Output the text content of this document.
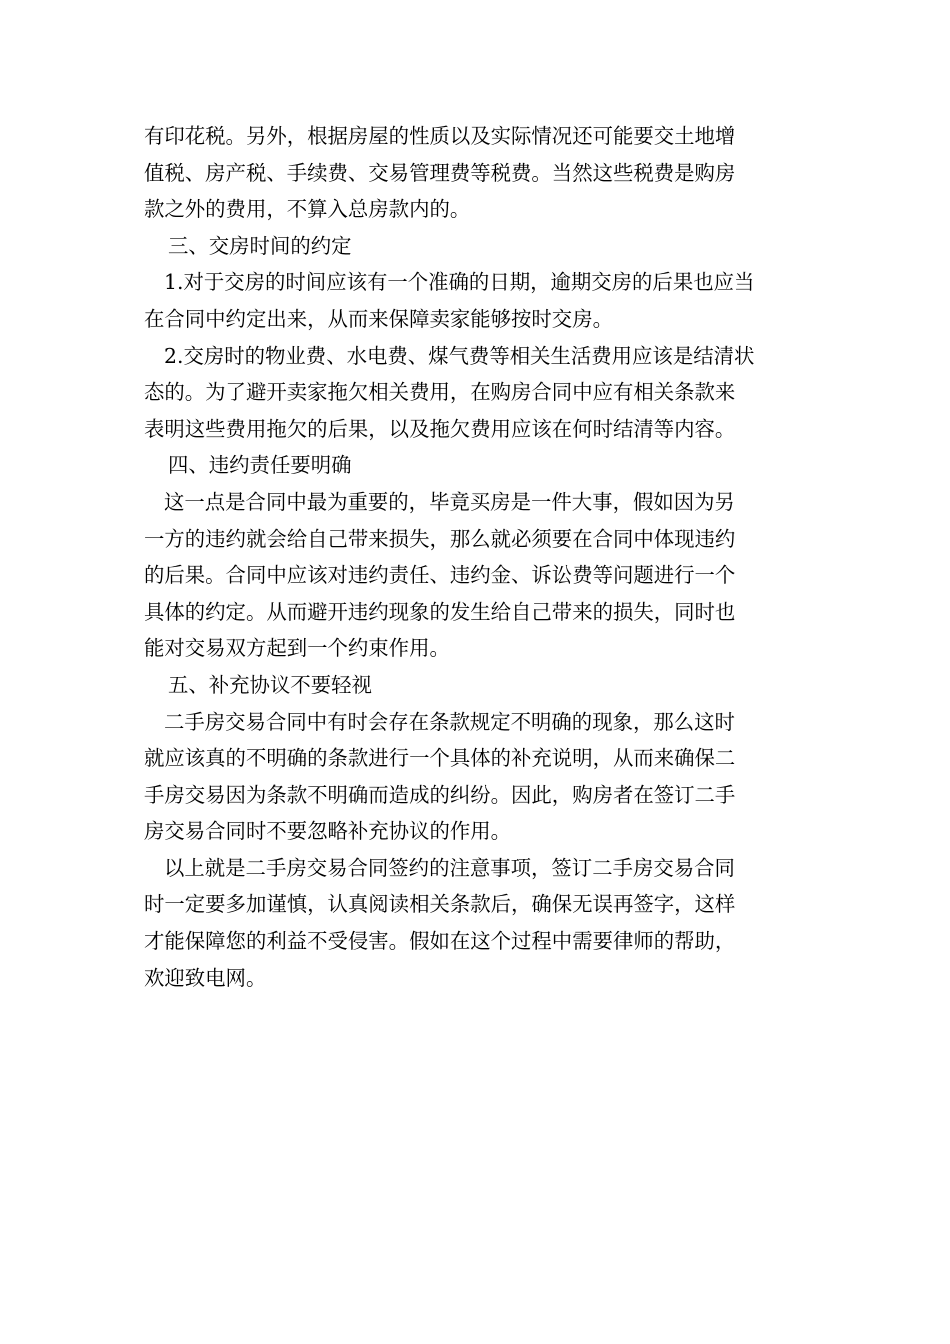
有印花税。另外，根据房屋的性质以及实际情况还可能要交土地增
值税、房产税、手续费、交易管理费等税费。当然这些税费是购房
款之外的费用，不算入总房款内的。
三、交房时间的约定
1.对于交房的时间应该有一个准确的日期，逾期交房的后果也应当
在合同中约定出来，从而来保障卖家能够按时交房。
2.交房时的物业费、水电费、煤气费等相关生活费用应该是结清状
态的。为了避开卖家拖欠相关费用，在购房合同中应有相关条款来
表明这些费用拖欠的后果，以及拖欠费用应该在何时结清等内容。
四、违约责任要明确
这一点是合同中最为重要的，毕竟买房是一件大事，假如因为另
一方的违约就会给自己带来损失，那么就必须要在合同中体现违约
的后果。合同中应该对违约责任、违约金、诉讼费等问题进行一个
具体的约定。从而避开违约现象的发生给自己带来的损失，同时也
能对交易双方起到一个约束作用。
五、补充协议不要轻视
二手房交易合同中有时会存在条款规定不明确的现象，那么这时
就应该真的不明确的条款进行一个具体的补充说明，从而来确保二
手房交易因为条款不明确而造成的纠纷。因此，购房者在签订二手
房交易合同时不要忽略补充协议的作用。
以上就是二手房交易合同签约的注意事项，签订二手房交易合同
时一定要多加谨慎，认真阅读相关条款后，确保无误再签字，这样
才能保障您的利益不受侵害。假如在这个过程中需要律师的帮助，
欢迎致电网。
